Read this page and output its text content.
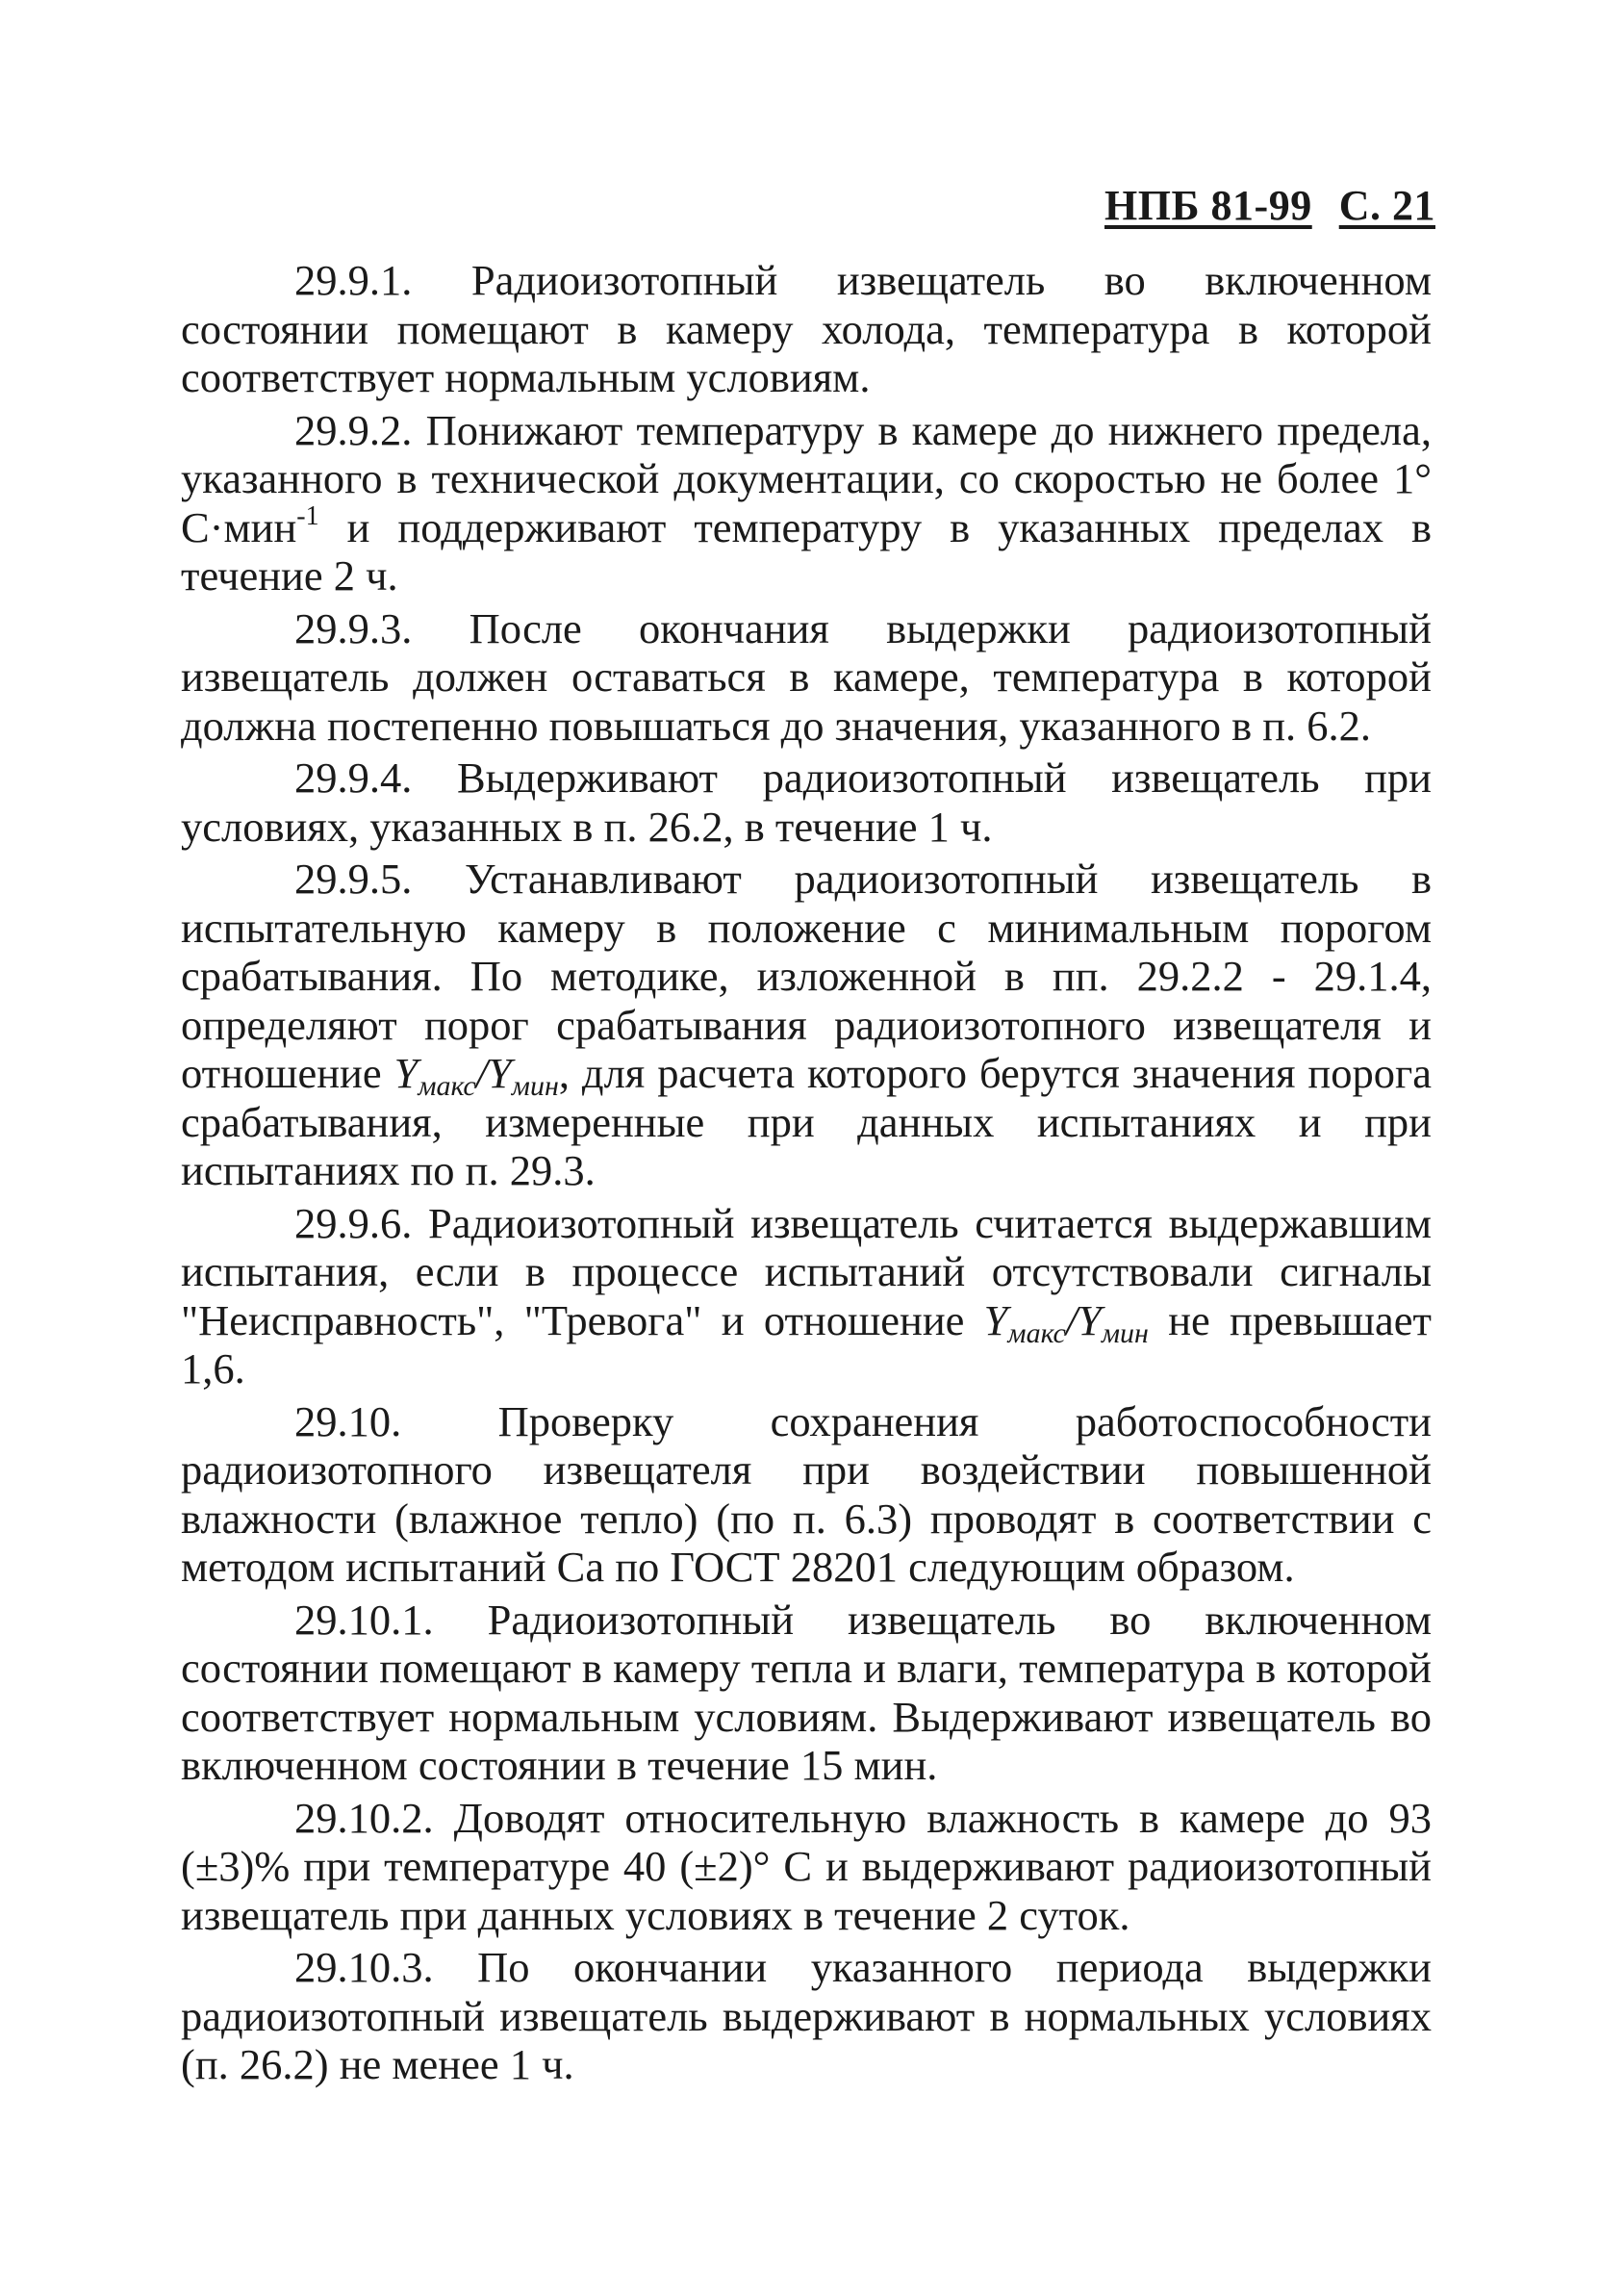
НПБ 81-99 С. 21

29.9.1. Радиоизотопный извещатель во включенном состоянии помещают в камеру холода, температура в которой соответствует нормальным условиям.

29.9.2. Понижают температуру в камере до нижнего предела, указанного в технической документации, со скоростью не более 1° С·мин$^{-1}$ и поддерживают температуру в указанных пределах в течение 2 ч.

29.9.3. После окончания выдержки радиоизотопный извещатель должен оставаться в камере, температура в которой должна постепенно повышаться до значения, указанного в п. 6.2.

29.9.4. Выдерживают радиоизотопный извещатель при условиях, указанных в п. 26.2, в течение 1 ч.

29.9.5. Устанавливают радиоизотопный извещатель в испытательную камеру в положение с минимальным порогом срабатывания. По методике, изложенной в пп. 29.2.2 - 29.1.4, определяют порог срабатывания радиоизотопного извещателя и отношение $Y_{макс}/Y_{мин}$, для расчета которого берутся значения порога срабатывания, измеренные при данных испытаниях и при испытаниях по п. 29.3.

29.9.6. Радиоизотопный извещатель считается выдержавшим испытания, если в процессе испытаний отсутствовали сигналы "Неисправность", "Тревога" и отношение $Y_{макс}/Y_{мин}$ не превышает 1,6.

29.10. Проверку сохранения работоспособности радиоизотопного извещателя при воздействии повышенной влажности (влажное тепло) (по п. 6.3) проводят в соответствии с методом испытаний Са по ГОСТ 28201 следующим образом.

29.10.1. Радиоизотопный извещатель во включенном состоянии помещают в камеру тепла и влаги, температура в которой соответствует нормальным условиям. Выдерживают извещатель во включенном состоянии в течение 15 мин.

29.10.2. Доводят относительную влажность в камере до 93 (±3)% при температуре 40 (±2)° С и выдерживают радиоизотопный извещатель при данных условиях в течение 2 суток.

29.10.3. По окончании указанного периода выдержки радиоизотопный извещатель выдерживают в нормальных условиях (п. 26.2) не менее 1 ч.
